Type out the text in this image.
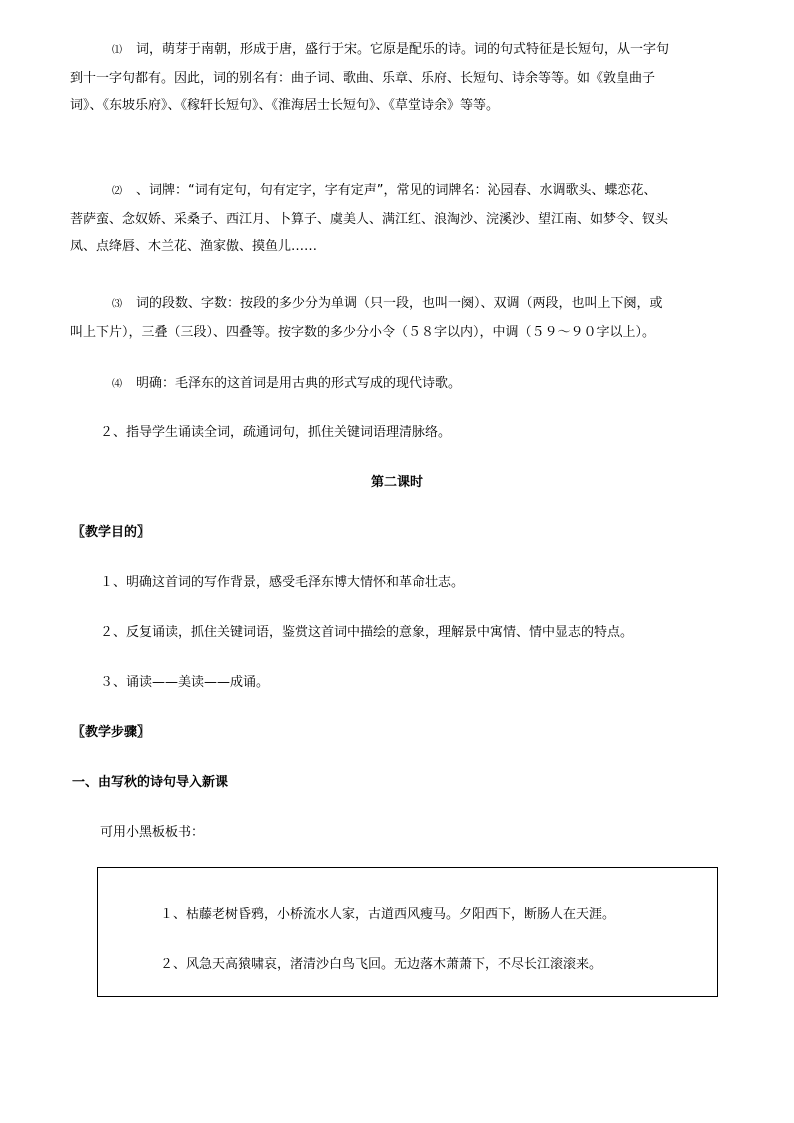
⑴ 词，萌芽于南朝，形成于唐，盛行于宋。它原是配乐的诗。词的句式特征是长短句，从一字句

到十一字句都有。因此，词的别名有：曲子词、歌曲、乐章、乐府、长短句、诗余等等。如《敦皇曲子

词》、《东坡乐府》、《稼轩长短句》、《淮海居士长短句》、《草堂诗余》等等。

⑵ 、词牌：“词有定句，句有定字，字有定声”，常见的词牌名：沁园春、水调歌头、蝶恋花、

菩萨蛮、念奴娇、采桑子、西江月、卜算子、虞美人、满江红、浪淘沙、浣溪沙、望江南、如梦令、钗头

凤、点绛唇、木兰花、渔家傲、摸鱼儿……

⑶ 词的段数、字数：按段的多少分为单调（只一段，也叫一阕）、双调（两段，也叫上下阕，或

叫上下片），三叠（三段）、四叠等。按字数的多少分小令（５８字以内），中调（５９～９０字以上）。

⑷ 明确：毛泽东的这首词是用古典的形式写成的现代诗歌。

２、指导学生诵读全词，疏通词句，抓住关键词语理清脉络。

第二课时

〖教学目的〗

１、明确这首词的写作背景，感受毛泽东博大情怀和革命壮志。

２、反复诵读，抓住关键词语，鉴赏这首词中描绘的意象，理解景中寓情、情中显志的特点。

３、诵读——美读——成诵。

〖教学步骤〗

一、由写秋的诗句导入新课

可用小黑板板书：

１、枯藤老树昏鸦，小桥流水人家，古道西风瘦马。夕阳西下，断肠人在天涯。

２、风急天高猿啸哀，渚清沙白鸟飞回。无边落木萧萧下，不尽长江滚滚来。
